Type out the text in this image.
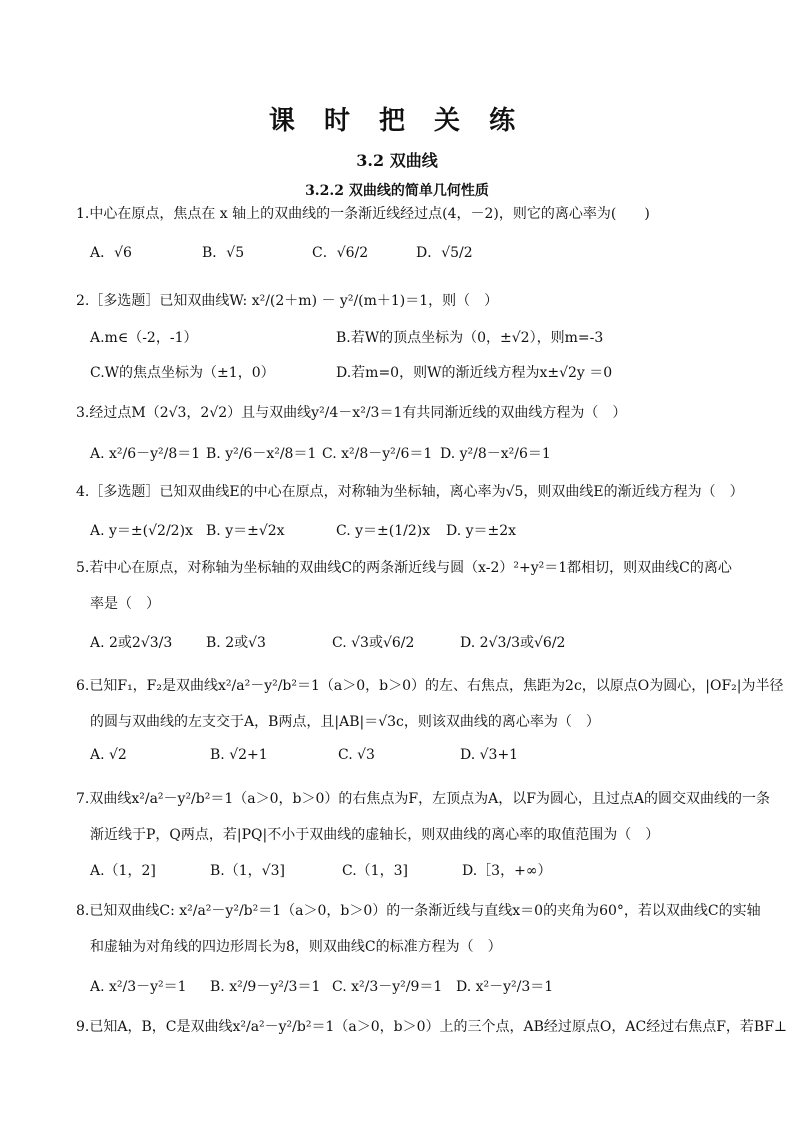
课 时 把 关 练
3.2 双曲线
3.2.2 双曲线的简单几何性质
1.中心在原点，焦点在 x 轴上的双曲线的一条渐近线经过点(4，－2)，则它的离心率为(　　)
A．√6	B．√5	C．√6/2	D．√5/2
2.［多选题］已知双曲线W: x²/(2＋m) － y²/(m＋1)＝1，则（　）
A.m∈（-2，-1）	B.若W的顶点坐标为（0，±√2），则m=-3
C.W的焦点坐标为（±1，0）	D.若m=0，则W的渐近线方程为x±√2y ＝0
3.经过点M（2√3，2√2）且与双曲线y²/4－x²/3＝1有共同渐近线的双曲线方程为（　）
A. x²/6－y²/8＝1 B. y²/6－x²/8＝1 C. x²/8－y²/6＝1 D. y²/8－x²/6＝1
4.［多选题］已知双曲线E的中心在原点，对称轴为坐标轴，离心率为√5，则双曲线E的渐近线方程为（　）
A. y＝±(√2/2)x B. y＝±√2x	C. y＝±(1/2)x D. y＝±2x
5.若中心在原点，对称轴为坐标轴的双曲线C的两条渐近线与圆（x-2）²+y²＝1都相切，则双曲线C的离心
率是（　）
A. 2或2√3/3 B. 2或√3	C. √3或√6/2	D. 2√3/3或√6/2
6.已知F₁，F₂是双曲线x²/a²－y²/b²＝1（a＞0，b＞0）的左、右焦点，焦距为2c，以原点O为圆心，|OF₂|为半径
的圆与双曲线的左支交于A，B两点，且|AB|＝√3c，则该双曲线的离心率为（　）
A. √2	B. √2+1	C. √3	D. √3+1
7.双曲线x²/a²－y²/b²＝1（a＞0，b＞0）的右焦点为F，左顶点为A，以F为圆心，且过点A的圆交双曲线的一条
渐近线于P，Q两点，若|PQ|不小于双曲线的虚轴长，则双曲线的离心率的取值范围为（　）
A.（1，2]	B.（1，√3]	C.（1，3]	D.［3，+∞）
8.已知双曲线C: x²/a²－y²/b²＝1（a＞0，b＞0）的一条渐近线与直线x＝0的夹角为60°，若以双曲线C的实轴
和虚轴为对角线的四边形周长为8，则双曲线C的标准方程为（　）
A. x²/3－y²＝1 B. x²/9－y²/3＝1 C. x²/3－y²/9＝1 D. x²－y²/3＝1
9.已知A，B，C是双曲线x²/a²－y²/b²＝1（a＞0，b＞0）上的三个点，AB经过原点O，AC经过右焦点F，若BF⊥
